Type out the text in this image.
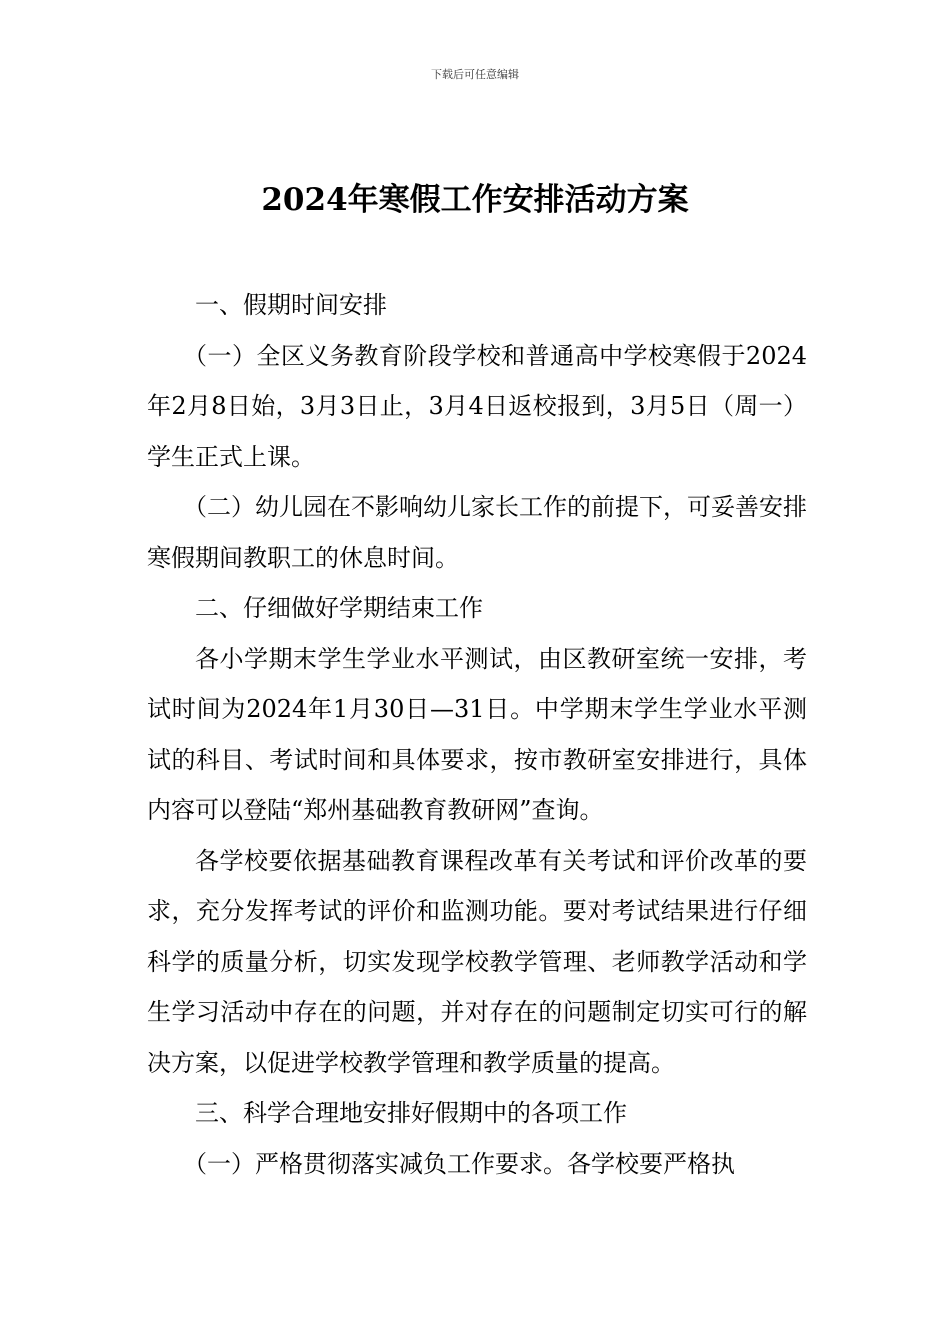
下载后可任意编辑
2024年寒假工作安排活动方案

一、假期时间安排

（一）全区义务教育阶段学校和普通高中学校寒假于2024年2月8日始，3月3日止，3月4日返校报到，3月5日（周一）学生正式上课。

（二）幼儿园在不影响幼儿家长工作的前提下，可妥善安排寒假期间教职工的休息时间。

二、仔细做好学期结束工作

各小学期末学生学业水平测试，由区教研室统一安排，考试时间为2024年1月30日—31日。中学期末学生学业水平测试的科目、考试时间和具体要求，按市教研室安排进行，具体内容可以登陆“郑州基础教育教研网”查询。

各学校要依据基础教育课程改革有关考试和评价改革的要求，充分发挥考试的评价和监测功能。要对考试结果进行仔细科学的质量分析，切实发现学校教学管理、老师教学活动和学生学习活动中存在的问题，并对存在的问题制定切实可行的解决方案，以促进学校教学管理和教学质量的提高。

三、科学合理地安排好假期中的各项工作

（一）严格贯彻落实减负工作要求。各学校要严格执
